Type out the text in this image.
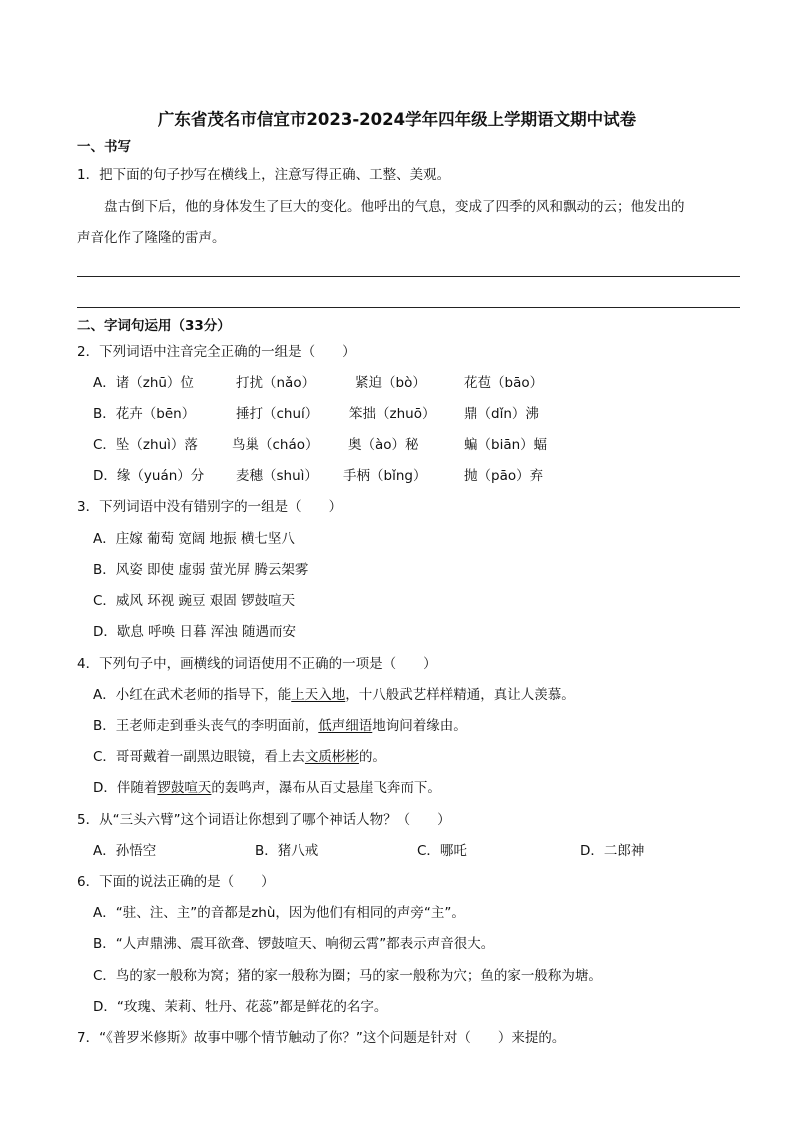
广东省茂名市信宜市2023-2024学年四年级上学期语文期中试卷
一、书写
1．把下面的句子抄写在横线上，注意写得正确、工整、美观。
盘古倒下后，他的身体发生了巨大的变化。他呼出的气息，变成了四季的风和飘动的云；他发出的
声音化作了隆隆的雷声。
二、字词句运用（33分）
2．下列词语中注音完全正确的一组是（　　）
A．诸（zhū）位	打扰（nǎo）	紧迫（bò）	花苞（bāo）
B．花卉（bēn）	捶打（chuí） 笨拙（zhuō） 鼎（dǐn）沸
C．坠（zhuì）落	鸟巢（cháo） 奥（ào）秘	蝙（biān）蝠
D．缘（yuán）分 麦穗（shuì） 手柄（bǐng）	抛（pāo）弃
3．下列词语中没有错别字的一组是（　　）
A．庄嫁 葡萄 宽阔 地振 横七坚八
B．风姿 即使 虚弱 萤光屏 腾云架雾
C．威风 环视 豌豆 艰固 锣鼓喧天
D．歇息 呼唤 日暮 浑浊 随遇而安
4．下列句子中，画横线的词语使用不正确的一项是（　　）
A．小红在武术老师的指导下，能上天入地，十八般武艺样样精通，真让人羡慕。
B．王老师走到垂头丧气的李明面前，低声细语地询问着缘由。
C．哥哥戴着一副黑边眼镜，看上去文质彬彬的。
D．伴随着锣鼓喧天的轰鸣声，瀑布从百丈悬崖飞奔而下。
5．从“三头六臂”这个词语让你想到了哪个神话人物？（　　）
A．孙悟空	B．猪八戒	C．哪吒	D．二郎神
6．下面的说法正确的是（　　）
A．“驻、注、主”的音都是zhù，因为他们有相同的声旁“主”。
B．“人声鼎沸、震耳欲聋、锣鼓喧天、响彻云霄”都表示声音很大。
C．鸟的家一般称为窝；猪的家一般称为圈；马的家一般称为穴；鱼的家一般称为塘。
D．“玫瑰、茉莉、牡丹、花蕊”都是鲜花的名字。
7．“《普罗米修斯》故事中哪个情节触动了你？”这个问题是针对（　　）来提的。
